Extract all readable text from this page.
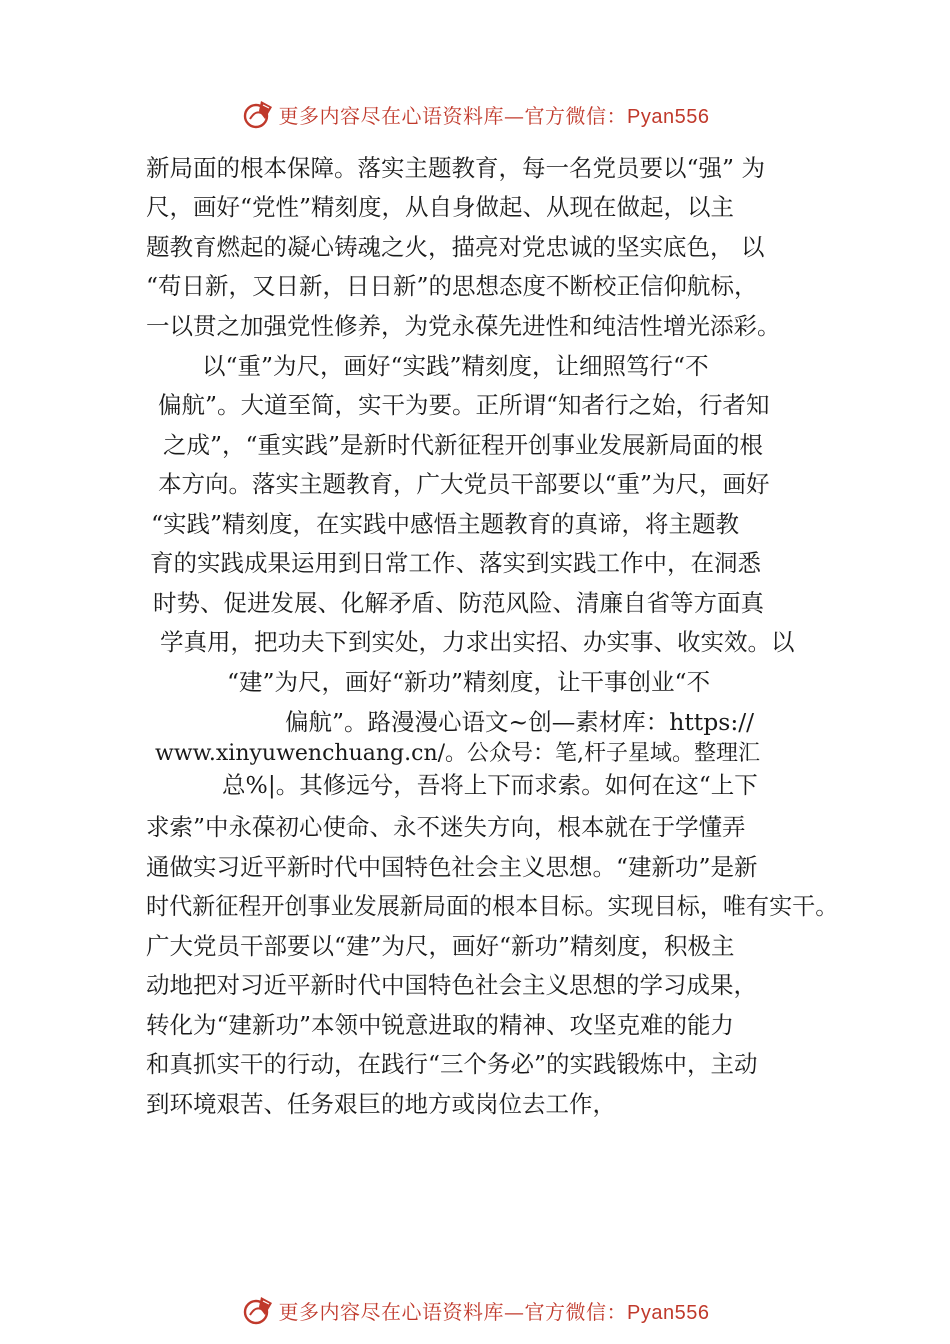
更多内容尽在心语资料库—官方微信：Pyan556
新局面的根本保障。落实主题教育，每一名党员要以“强” 为
尺，画好“党性”精刻度，从自身做起、从现在做起，以主
题教育燃起的凝心铸魂之火，描亮对党忠诚的坚实底色， 以
“苟日新，又日新，日日新”的思想态度不断校正信仰航标，
一以贯之加强党性修养，为党永葆先进性和纯洁性增光添彩。
以“重”为尺，画好“实践”精刻度，让细照笃行“不
偏航”。大道至简，实干为要。正所谓“知者行之始，行者知
之成”，“重实践”是新时代新征程开创事业发展新局面的根
本方向。落实主题教育，广大党员干部要以“重”为尺，画好
“实践”精刻度，在实践中感悟主题教育的真谛，将主题教
育的实践成果运用到日常工作、落实到实践工作中，在洞悉
时势、促进发展、化解矛盾、防范风险、清廉自省等方面真
学真用，把功夫下到实处，力求出实招、办实事、收实效。以
“建”为尺，画好“新功”精刻度，让干事创业“不
偏航”。路漫漫心语文~创—素材库：https://
www.xinyuwenchuang.cn/。公众号：笔,杆子星域。整理汇
总%|。其修远兮，吾将上下而求索。如何在这“上下
求索”中永葆初心使命、永不迷失方向，根本就在于学懂弄
通做实习近平新时代中国特色社会主义思想。“建新功”是新
时代新征程开创事业发展新局面的根本目标。实现目标，唯有实干。
广大党员干部要以“建”为尺，画好“新功”精刻度，积极主
动地把对习近平新时代中国特色社会主义思想的学习成果，
转化为“建新功”本领中锐意进取的精神、攻坚克难的能力
和真抓实干的行动，在践行“三个务必”的实践锻炼中，主动
到环境艰苦、任务艰巨的地方或岗位去工作，
更多内容尽在心语资料库—官方微信：Pyan556
